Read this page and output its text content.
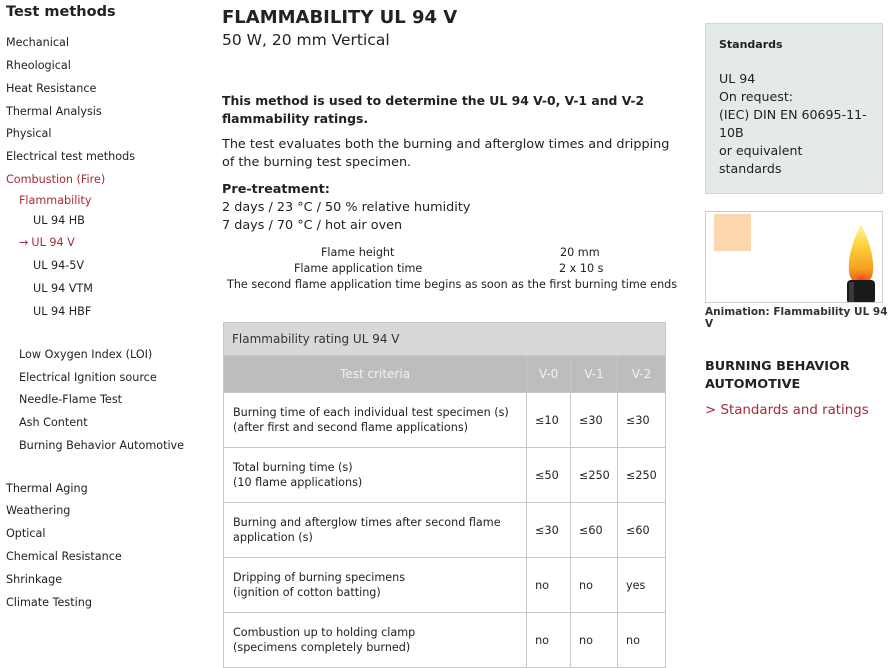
Test methods
Mechanical
Rheological
Heat Resistance
Thermal Analysis
Physical
Electrical test methods
Combustion (Fire)
Flammability
UL 94 HB
→ UL 94 V
UL 94-5V
UL 94 VTM
UL 94 HBF
Low Oxygen Index (LOI)
Electrical Ignition source
Needle-Flame Test
Ash Content
Burning Behavior Automotive
Thermal Aging
Weathering
Optical
Chemical Resistance
Shrinkage
Climate Testing
FLAMMABILITY UL 94 V
50 W, 20 mm Vertical
This method is used to determine the UL 94 V-0, V-1 and V-2 flammability ratings.
The test evaluates both the burning and afterglow times and dripping of the burning test specimen.
Pre-treatment:
2 days / 23 °C / 50 % relative humidity
7 days / 70 °C / hot air oven
Flame height	20 mm
Flame application time	2 x 10 s
The second flame application time begins as soon as the first burning time ends
Flammability rating UL 94 V			
Test criteria	V-0	V-1	V-2
Burning time of each individual test specimen (s)
(after first and second flame applications)	≤10	≤30	≤30
Total burning time (s)
(10 flame applications)	≤50	≤250	≤250
Burning and afterglow times after second flame
application (s)	≤30	≤60	≤60
Dripping of burning specimens
(ignition of cotton batting)	no	no	yes
Combustion up to holding clamp
(specimens completely burned)	no	no	no
Standards
UL 94
On request:
(IEC) DIN EN 60695-11-
10B
or equivalent
standards
Animation: Flammability UL 94 V
BURNING BEHAVIOR AUTOMOTIVE
> Standards and ratings
